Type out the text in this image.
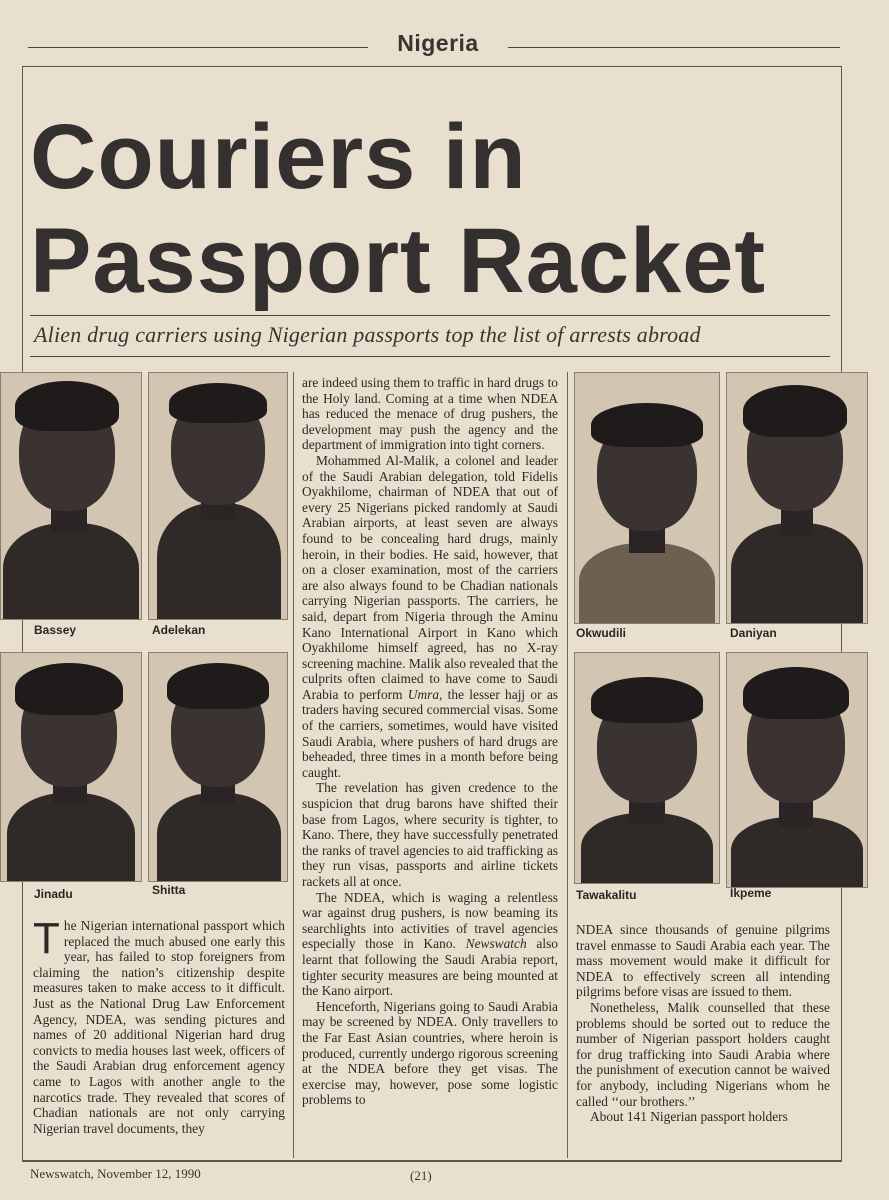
Nigeria
Couriers in
Passport Racket
Alien drug carriers using Nigerian passports top the list of arrests abroad
Bassey	Adelekan
Jinadu	Shitta
Okwudili	Daniyan
Tawakalitu	Ikpeme

The Nigerian international passport which replaced the much abused one early this year, has failed to stop foreigners from claiming the nation’s citizenship despite measures taken to make access to it difficult. Just as the National Drug Law Enforcement Agency, NDEA, was sending pictures and names of 20 additional Nigerian hard drug convicts to media houses last week, officers of the Saudi Arabian drug enforcement agency came to Lagos with another angle to the narcotics trade. They revealed that scores of Chadian nationals are not only carrying Nigerian travel documents, they

are indeed using them to traffic in hard drugs to the Holy land. Coming at a time when NDEA has reduced the menace of drug pushers, the development may push the agency and the department of immigration into tight corners.

Mohammed Al-Malik, a colonel and leader of the Saudi Arabian delegation, told Fidelis Oyakhilome, chairman of NDEA that out of every 25 Nigerians picked randomly at Saudi Arabian airports, at least seven are always found to be concealing hard drugs, mainly heroin, in their bodies. He said, however, that on a closer examination, most of the carriers are also always found to be Chadian nationals carrying Nigerian passports. The carriers, he said, depart from Nigeria through the Aminu Kano International Airport in Kano which Oyakhilome himself agreed, has no X-ray screening machine. Malik also revealed that the culprits often claimed to have come to Saudi Arabia to perform Umra, the lesser hajj or as traders having secured commercial visas. Some of the carriers, sometimes, would have visited Saudi Arabia, where pushers of hard drugs are beheaded, three times in a month before being caught.

The revelation has given credence to the suspicion that drug barons have shifted their base from Lagos, where security is tighter, to Kano. There, they have successfully penetrated the ranks of travel agencies to aid trafficking as they run visas, passports and airline tickets rackets all at once.

The NDEA, which is waging a relentless war against drug pushers, is now beaming its searchlights into activities of travel agencies especially those in Kano. Newswatch also learnt that following the Saudi Arabia report, tighter security measures are being mounted at the Kano airport.

Henceforth, Nigerians going to Saudi Arabia may be screened by NDEA. Only travellers to the Far East Asian countries, where heroin is produced, currently undergo rigorous screening at the NDEA before they get visas. The exercise may, however, pose some logistic problems to

NDEA since thousands of genuine pilgrims travel enmasse to Saudi Arabia each year. The mass movement would make it difficult for NDEA to effectively screen all intending pilgrims before visas are issued to them.

Nonetheless, Malik counselled that these problems should be sorted out to reduce the number of Nigerian passport holders caught for drug trafficking into Saudi Arabia where the punishment of execution cannot be waived for anybody, including Nigerians whom he called ‘‘our brothers.’’

About 141 Nigerian passport holders

Newswatch, November 12, 1990	(21)
